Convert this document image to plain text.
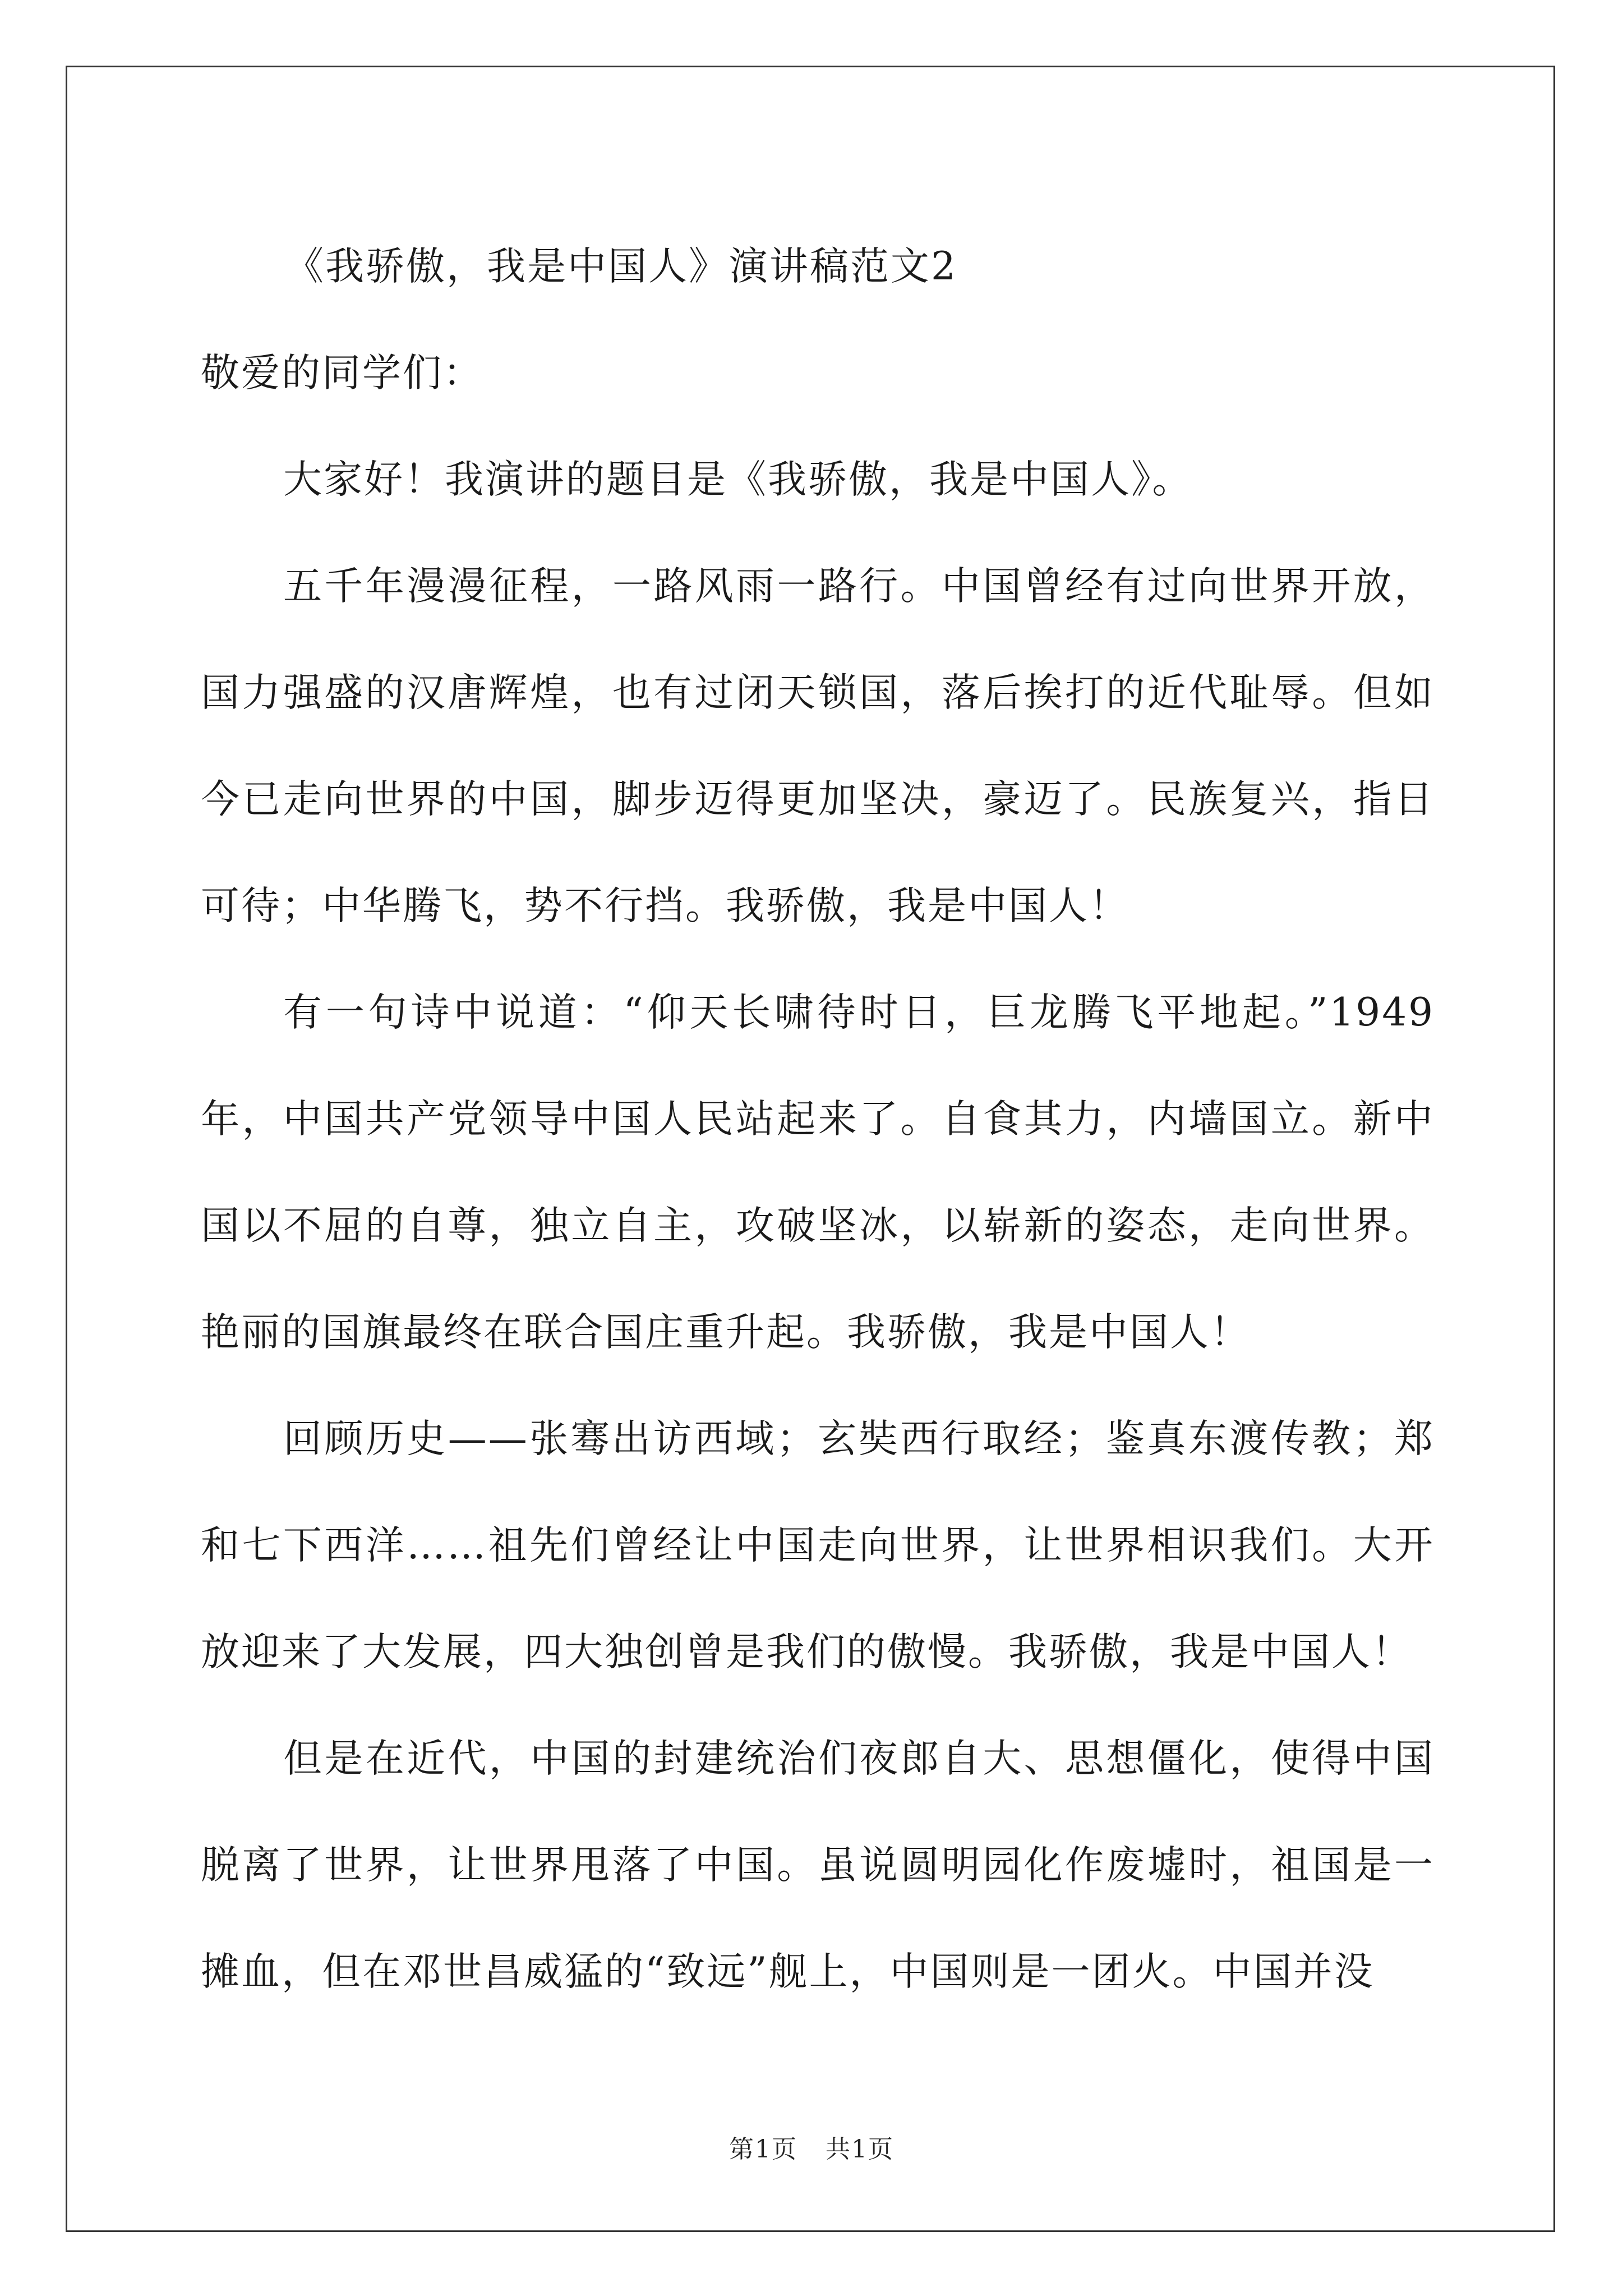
《我骄傲，我是中国人》演讲稿范文2

敬爱的同学们：

大家好！我演讲的题目是《我骄傲，我是中国人》。

五千年漫漫征程，一路风雨一路行。中国曾经有过向世界开放，国力强盛的汉唐辉煌，也有过闭天锁国，落后挨打的近代耻辱。但如今已走向世界的中国，脚步迈得更加坚决，豪迈了。民族复兴，指日可待；中华腾飞，势不行挡。我骄傲，我是中国人！

有一句诗中说道：“仰天长啸待时日，巨龙腾飞平地起。”1949年，中国共产党领导中国人民站起来了。自食其力，内墙国立。新中国以不屈的自尊，独立自主，攻破坚冰，以崭新的姿态，走向世界。艳丽的国旗最终在联合国庄重升起。我骄傲，我是中国人！

回顾历史——张骞出访西域；玄奘西行取经；鉴真东渡传教；郑和七下西洋……祖先们曾经让中国走向世界，让世界相识我们。大开放迎来了大发展，四大独创曾是我们的傲慢。我骄傲，我是中国人！

但是在近代，中国的封建统治们夜郎自大、思想僵化，使得中国脱离了世界，让世界甩落了中国。虽说圆明园化作废墟时，祖国是一摊血，但在邓世昌威猛的“致远”舰上，中国则是一团火。中国并没

第1页 共1页
